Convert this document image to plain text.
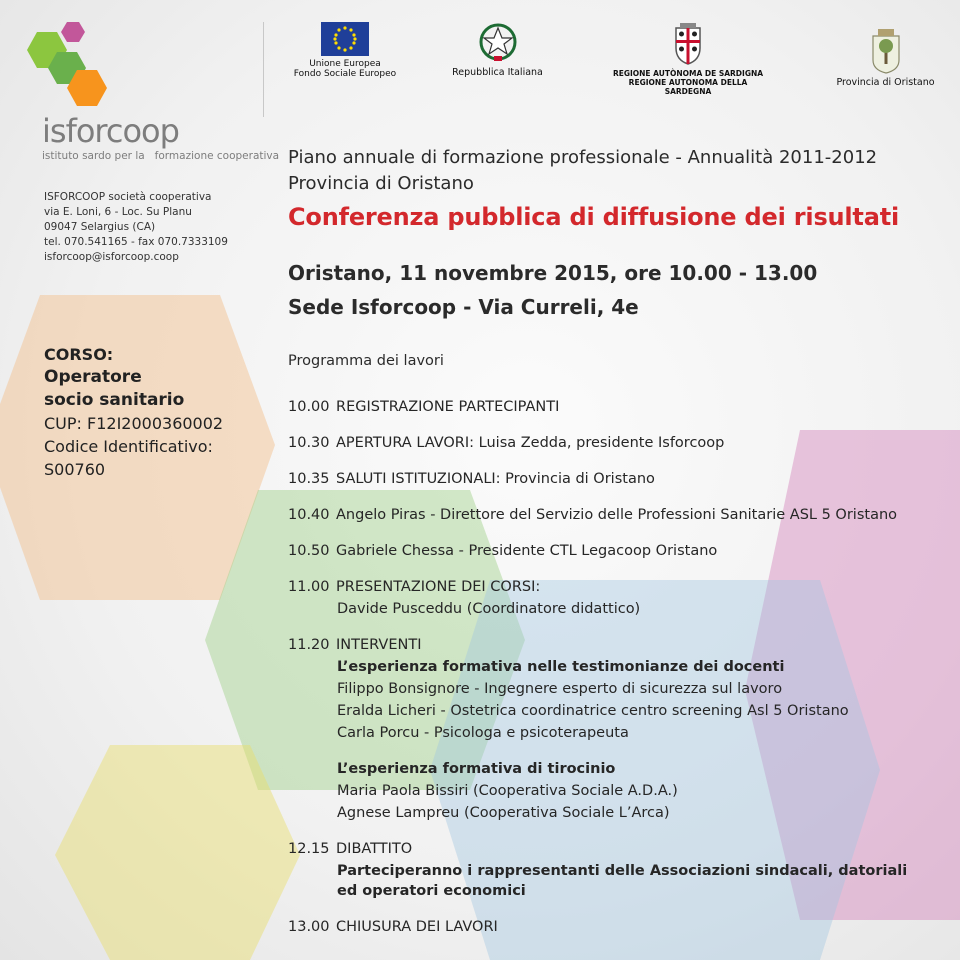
isforcoop
istituto sardo per la   formazione cooperativa
ISFORCOOP società cooperativa
via E. Loni, 6 - Loc. Su Planu
09047 Selargius (CA)
tel. 070.541165 - fax 070.7333109
isforcoop@isforcoop.coop
CORSO:
Operatore
socio sanitario
CUP: F12I2000360002
Codice Identificativo:
S00760
Unione Europea
Fondo Sociale Europeo	Repubblica Italiana	REGIONE AUTÒNOMA DE SARDIGNA
REGIONE AUTONOMA DELLA SARDEGNA
Provincia di Oristano
Piano annuale di formazione professionale - Annualità 2011-2012
Provincia di Oristano
Conferenza pubblica di diffusione dei risultati
Oristano, 11 novembre 2015, ore 10.00 - 13.00
Sede Isforcoop - Via Curreli, 4e
Programma dei lavori
10.00 REGISTRAZIONE PARTECIPANTI
10.30 APERTURA LAVORI: Luisa Zedda, presidente Isforcoop
10.35 SALUTI ISTITUZIONALI: Provincia di Oristano
10.40 Angelo Piras - Direttore del Servizio delle Professioni Sanitarie ASL 5 Oristano
10.50 Gabriele Chessa - Presidente CTL Legacoop Oristano
11.00 PRESENTAZIONE DEI CORSI:
Davide Pusceddu (Coordinatore didattico)
11.20 INTERVENTI
L’esperienza formativa nelle testimonianze dei docenti
Filippo Bonsignore - Ingegnere esperto di sicurezza sul lavoro
Eralda Licheri - Ostetrica coordinatrice centro screening Asl 5 Oristano
Carla Porcu - Psicologa e psicoterapeuta
L’esperienza formativa di tirocinio
Maria Paola Bissiri (Cooperativa Sociale A.D.A.)
Agnese Lampreu (Cooperativa Sociale L’Arca)
12.15 DIBATTITO
Parteciperanno i rappresentanti delle Associazioni sindacali, datoriali
ed operatori economici
13.00 CHIUSURA DEI LAVORI
